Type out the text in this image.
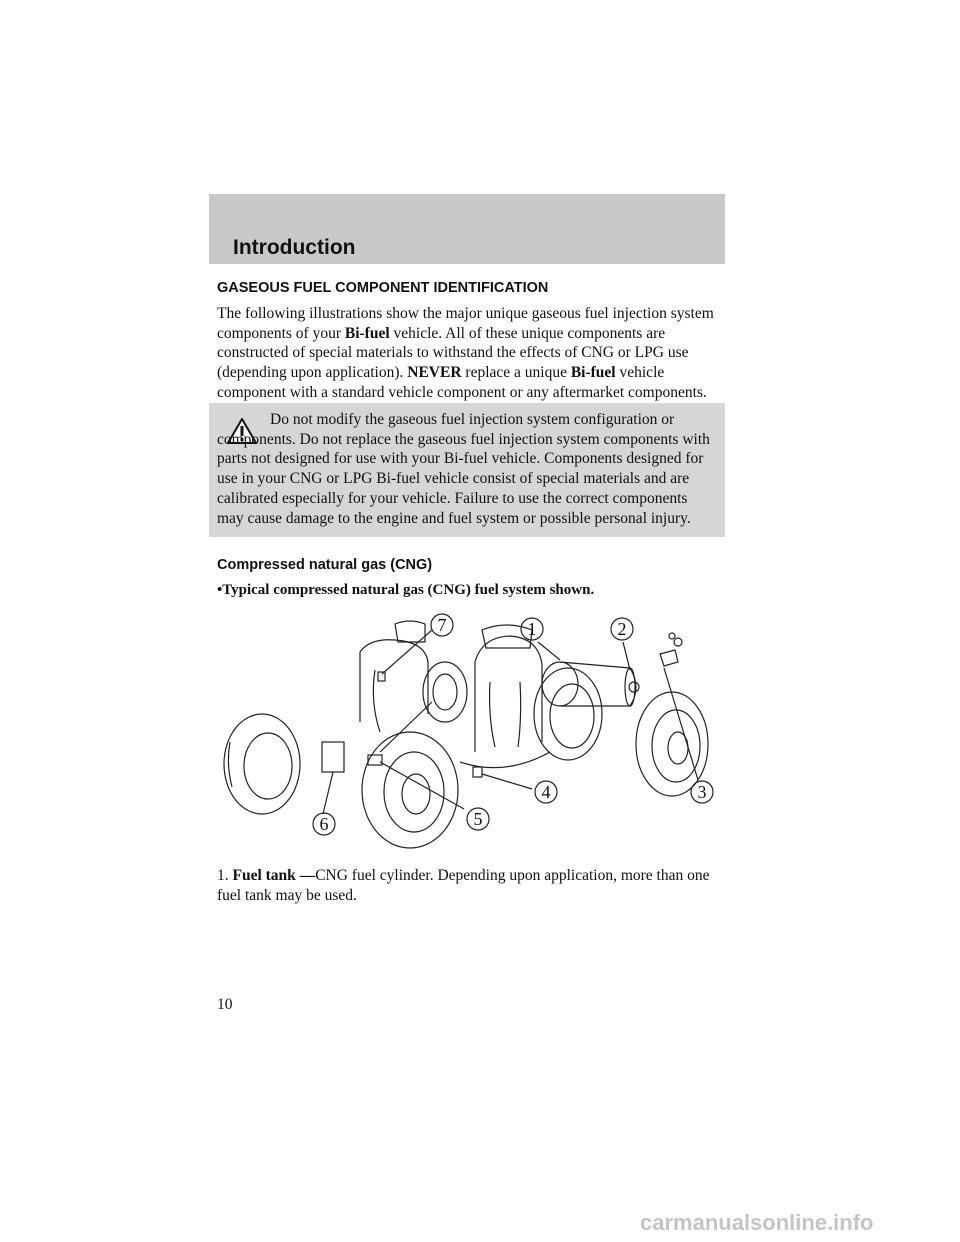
Introduction
GASEOUS FUEL COMPONENT IDENTIFICATION
The following illustrations show the major unique gaseous fuel injection system components of your Bi-fuel vehicle. All of these unique components are constructed of special materials to withstand the effects of CNG or LPG use (depending upon application). NEVER replace a unique Bi-fuel vehicle component with a standard vehicle component or any aftermarket components.
Do not modify the gaseous fuel injection system configuration or components. Do not replace the gaseous fuel injection system components with parts not designed for use with your Bi-fuel vehicle. Components designed for use in your CNG or LPG Bi-fuel vehicle consist of special materials and are calibrated especially for your vehicle. Failure to use the correct components may cause damage to the engine and fuel system or possible personal injury.
Compressed natural gas (CNG)
•Typical compressed natural gas (CNG) fuel system shown.
7	1	2
4	3
6	5
1. Fuel tank —CNG fuel cylinder. Depending upon application, more than one fuel tank may be used.
10
carmanualsonline.info
